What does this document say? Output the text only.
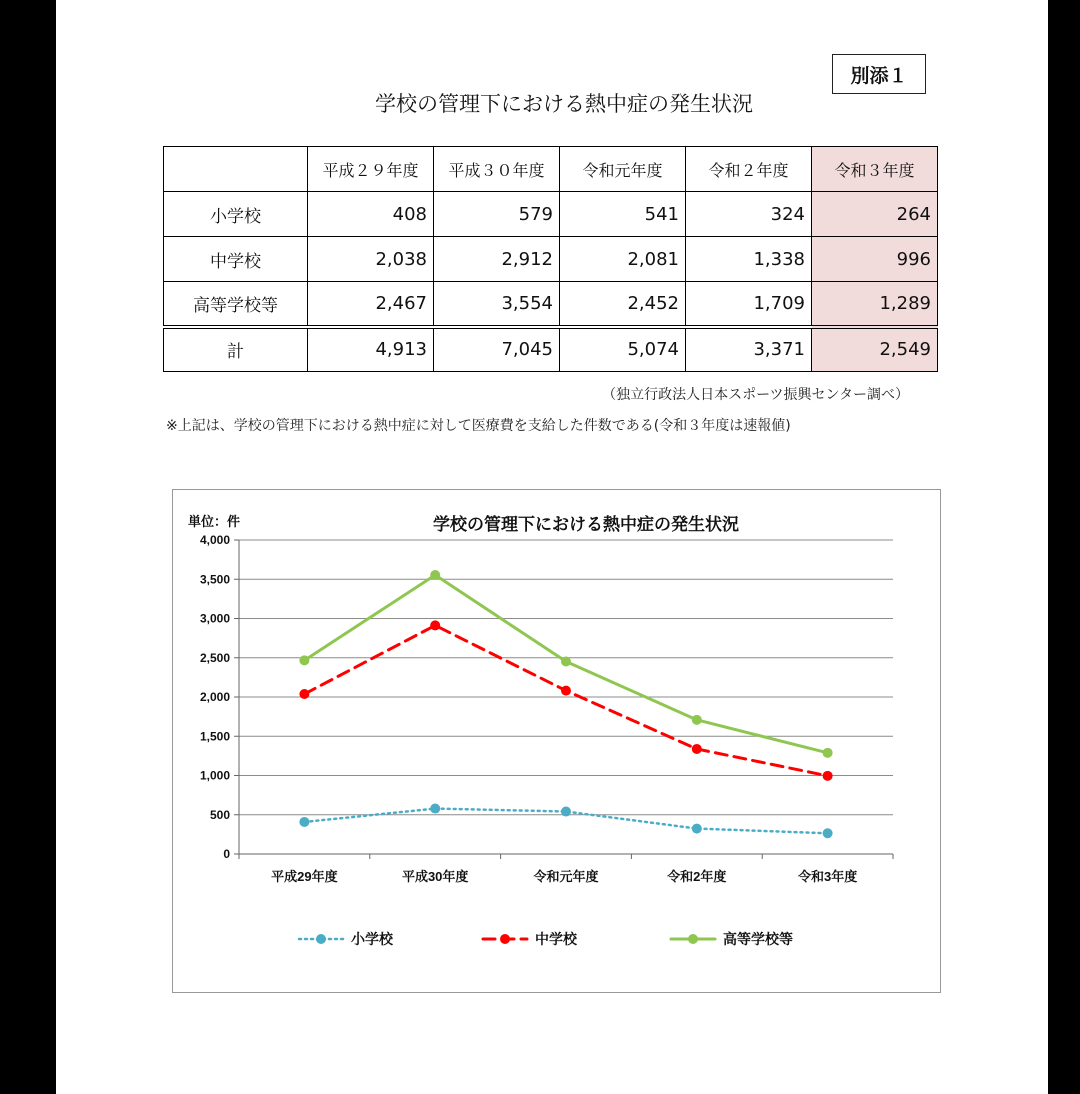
別添１
学校の管理下における熱中症の発生状況
	平成２９年度	平成３０年度	令和元年度	令和２年度	令和３年度
小学校	408	579	541	324	264
中学校	2,038	2,912	2,081	1,338	996
高等学校等	2,467	3,554	2,452	1,709	1,289
計	4,913	7,045	5,074	3,371	2,549
（独立行政法人日本スポーツ振興センター調べ）
※上記は、学校の管理下における熱中症に対して医療費を支給した件数である(令和３年度は速報値)
学校の管理下における熱中症の発生状況
単位：件
0
500
1,000
1,500
2,000
2,500
3,000
3,500
4,000
平成29年度	平成30年度	令和元年度	令和2年度	令和3年度
小学校	中学校	高等学校等
